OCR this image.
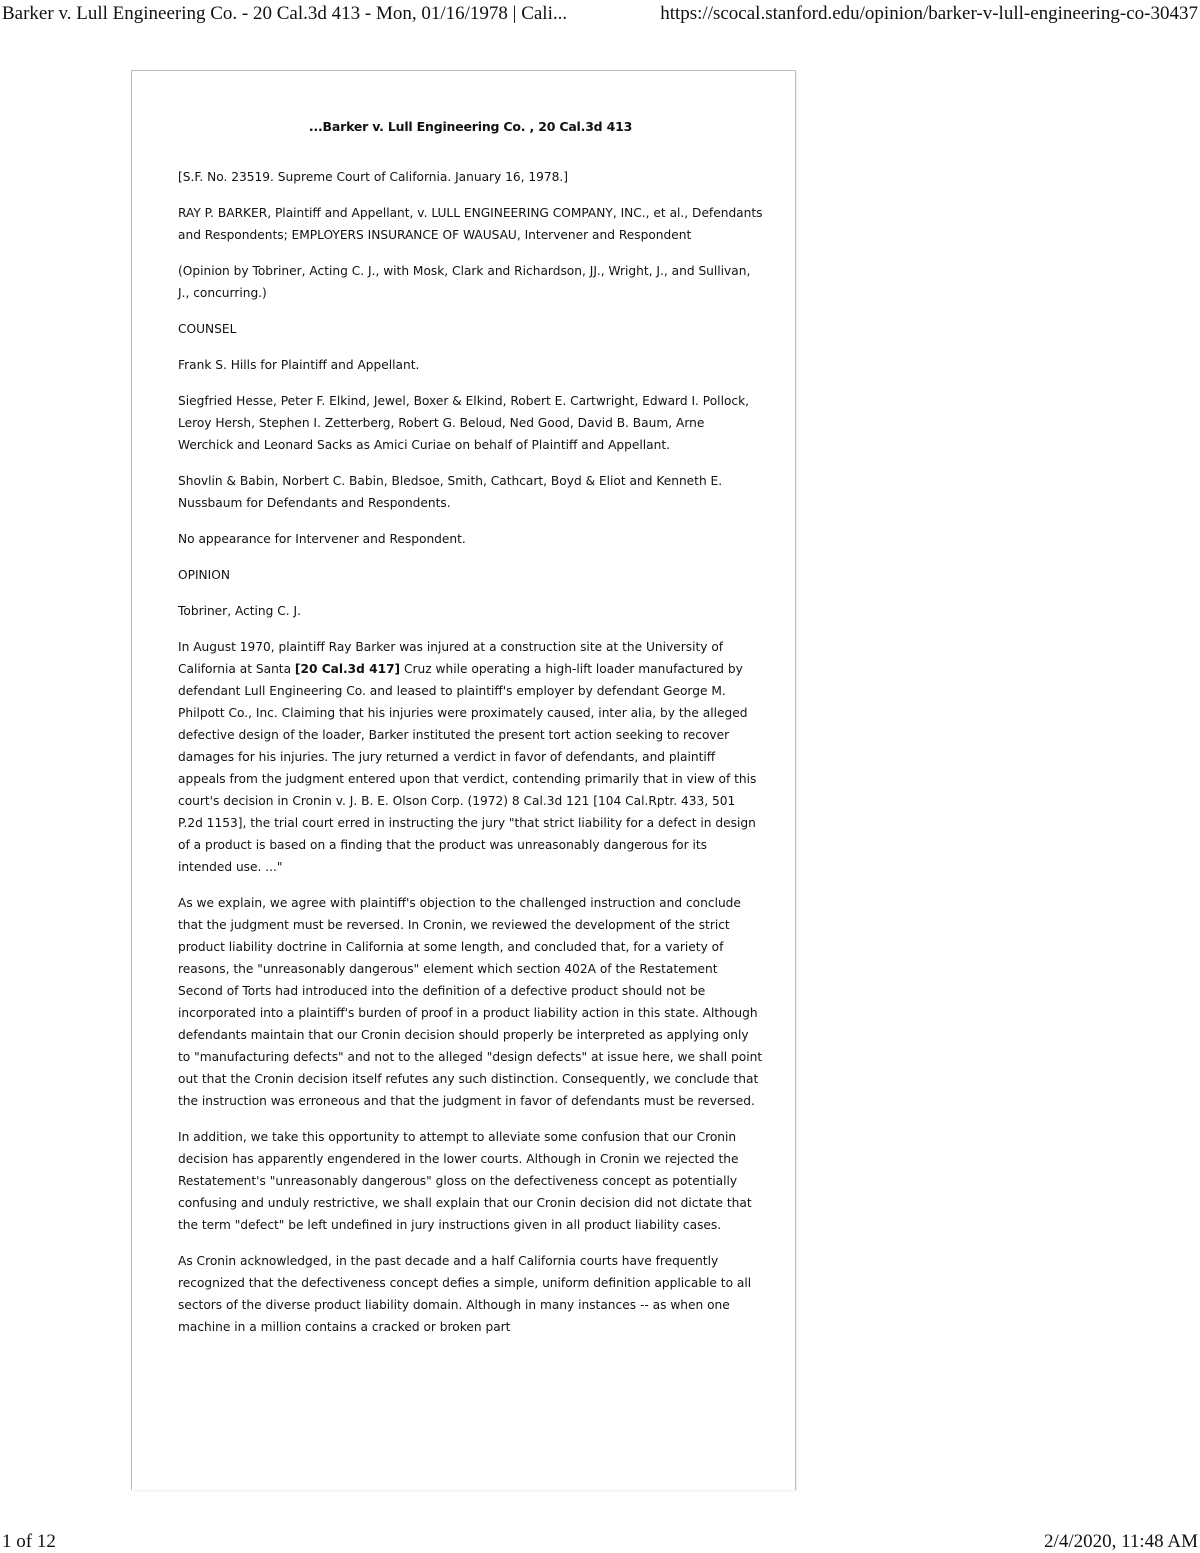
Barker v. Lull Engineering Co. - 20 Cal.3d 413 - Mon, 01/16/1978 | Cali...	https://scocal.stanford.edu/opinion/barker-v-lull-engineering-co-30437
...Barker v. Lull Engineering Co. , 20 Cal.3d 413

[S.F. No. 23519. Supreme Court of California. January 16, 1978.]

RAY P. BARKER, Plaintiff and Appellant, v. LULL ENGINEERING COMPANY, INC., et al., Defendants and Respondents; EMPLOYERS INSURANCE OF WAUSAU, Intervener and Respondent

(Opinion by Tobriner, Acting C. J., with Mosk, Clark and Richardson, JJ., Wright, J., and Sullivan, J., concurring.)

COUNSEL

Frank S. Hills for Plaintiff and Appellant.

Siegfried Hesse, Peter F. Elkind, Jewel, Boxer & Elkind, Robert E. Cartwright, Edward I. Pollock, Leroy Hersh, Stephen I. Zetterberg, Robert G. Beloud, Ned Good, David B. Baum, Arne Werchick and Leonard Sacks as Amici Curiae on behalf of Plaintiff and Appellant.

Shovlin & Babin, Norbert C. Babin, Bledsoe, Smith, Cathcart, Boyd & Eliot and Kenneth E. Nussbaum for Defendants and Respondents.

No appearance for Intervener and Respondent.

OPINION

Tobriner, Acting C. J.

In August 1970, plaintiff Ray Barker was injured at a construction site at the University of California at Santa [20 Cal.3d 417] Cruz while operating a high-lift loader manufactured by defendant Lull Engineering Co. and leased to plaintiff's employer by defendant George M. Philpott Co., Inc. Claiming that his injuries were proximately caused, inter alia, by the alleged defective design of the loader, Barker instituted the present tort action seeking to recover damages for his injuries. The jury returned a verdict in favor of defendants, and plaintiff appeals from the judgment entered upon that verdict, contending primarily that in view of this court's decision in Cronin v. J. B. E. Olson Corp. (1972) 8 Cal.3d 121 [104 Cal.Rptr. 433, 501 P.2d 1153], the trial court erred in instructing the jury "that strict liability for a defect in design of a product is based on a finding that the product was unreasonably dangerous for its intended use. ..."

As we explain, we agree with plaintiff's objection to the challenged instruction and conclude that the judgment must be reversed. In Cronin, we reviewed the development of the strict product liability doctrine in California at some length, and concluded that, for a variety of reasons, the "unreasonably dangerous" element which section 402A of the Restatement Second of Torts had introduced into the definition of a defective product should not be incorporated into a plaintiff's burden of proof in a product liability action in this state. Although defendants maintain that our Cronin decision should properly be interpreted as applying only to "manufacturing defects" and not to the alleged "design defects" at issue here, we shall point out that the Cronin decision itself refutes any such distinction. Consequently, we conclude that the instruction was erroneous and that the judgment in favor of defendants must be reversed.

In addition, we take this opportunity to attempt to alleviate some confusion that our Cronin decision has apparently engendered in the lower courts. Although in Cronin we rejected the Restatement's "unreasonably dangerous" gloss on the defectiveness concept as potentially confusing and unduly restrictive, we shall explain that our Cronin decision did not dictate that the term "defect" be left undefined in jury instructions given in all product liability cases.

As Cronin acknowledged, in the past decade and a half California courts have frequently recognized that the defectiveness concept defies a simple, uniform definition applicable to all sectors of the diverse product liability domain. Although in many instances -- as when one machine in a million contains a cracked or broken part

1 of 12	2/4/2020, 11:48 AM
